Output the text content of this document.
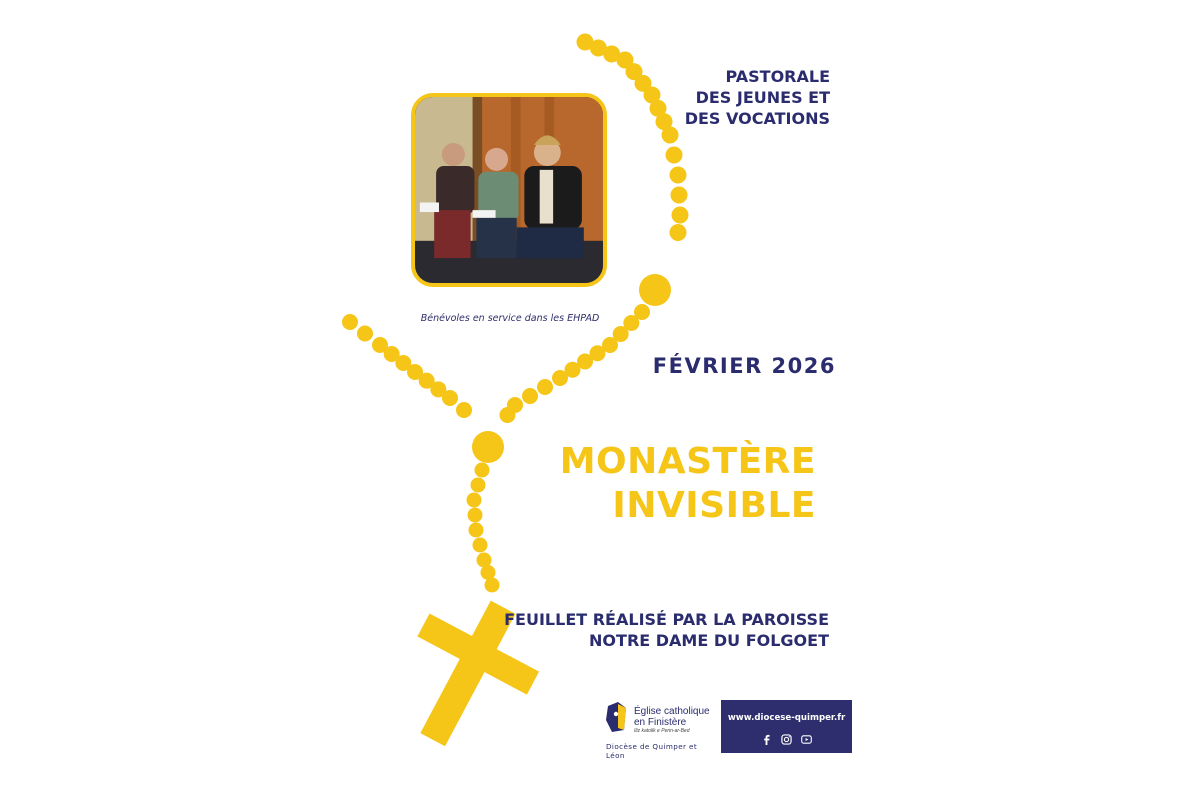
Bénévoles en service dans les EHPAD
PASTORALE
DES JEUNES ET
DES VOCATIONS
FÉVRIER 2026
MONASTÈRE
INVISIBLE
FEUILLET RÉALISÉ PAR LA PAROISSE
NOTRE DAME DU FOLGOET
Église catholique
en Finistère
Iliz katolik e Penn-ar-Bed
Diocèse de Quimper et Léon
www.diocese-quimper.fr
